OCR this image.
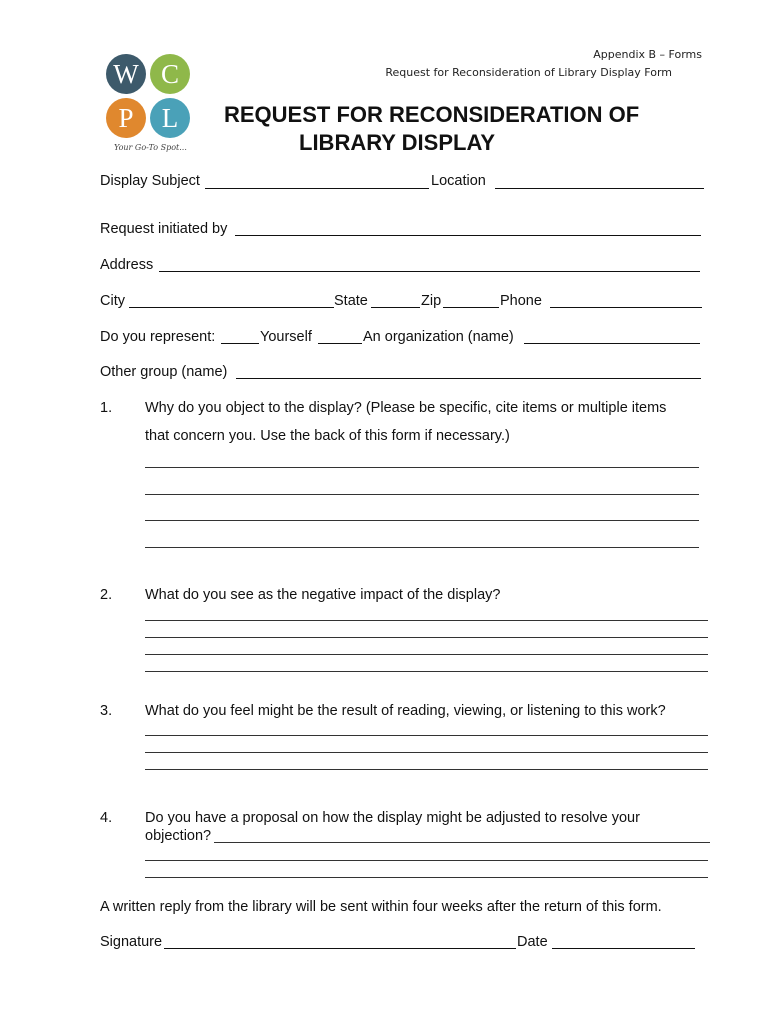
Appendix B – Forms
Request for Reconsideration of Library Display Form
W C
P	L
Your Go-To Spot...
REQUEST FOR RECONSIDERATION OF
LIBRARY DISPLAY
Display Subject	Location
Request initiated by
Address
City	State	Zip	Phone
Do you represent:	Yourself	An organization (name)
Other group (name)
1. Why do you object to the display? (Please be specific, cite items or multiple items
that concern you. Use the back of this form if necessary.)
2. What do you see as the negative impact of the display?
3. What do you feel might be the result of reading, viewing, or listening to this work?
4. Do you have a proposal on how the display might be adjusted to resolve your
objection?
A written reply from the library will be sent within four weeks after the return of this form.
Signature	Date
